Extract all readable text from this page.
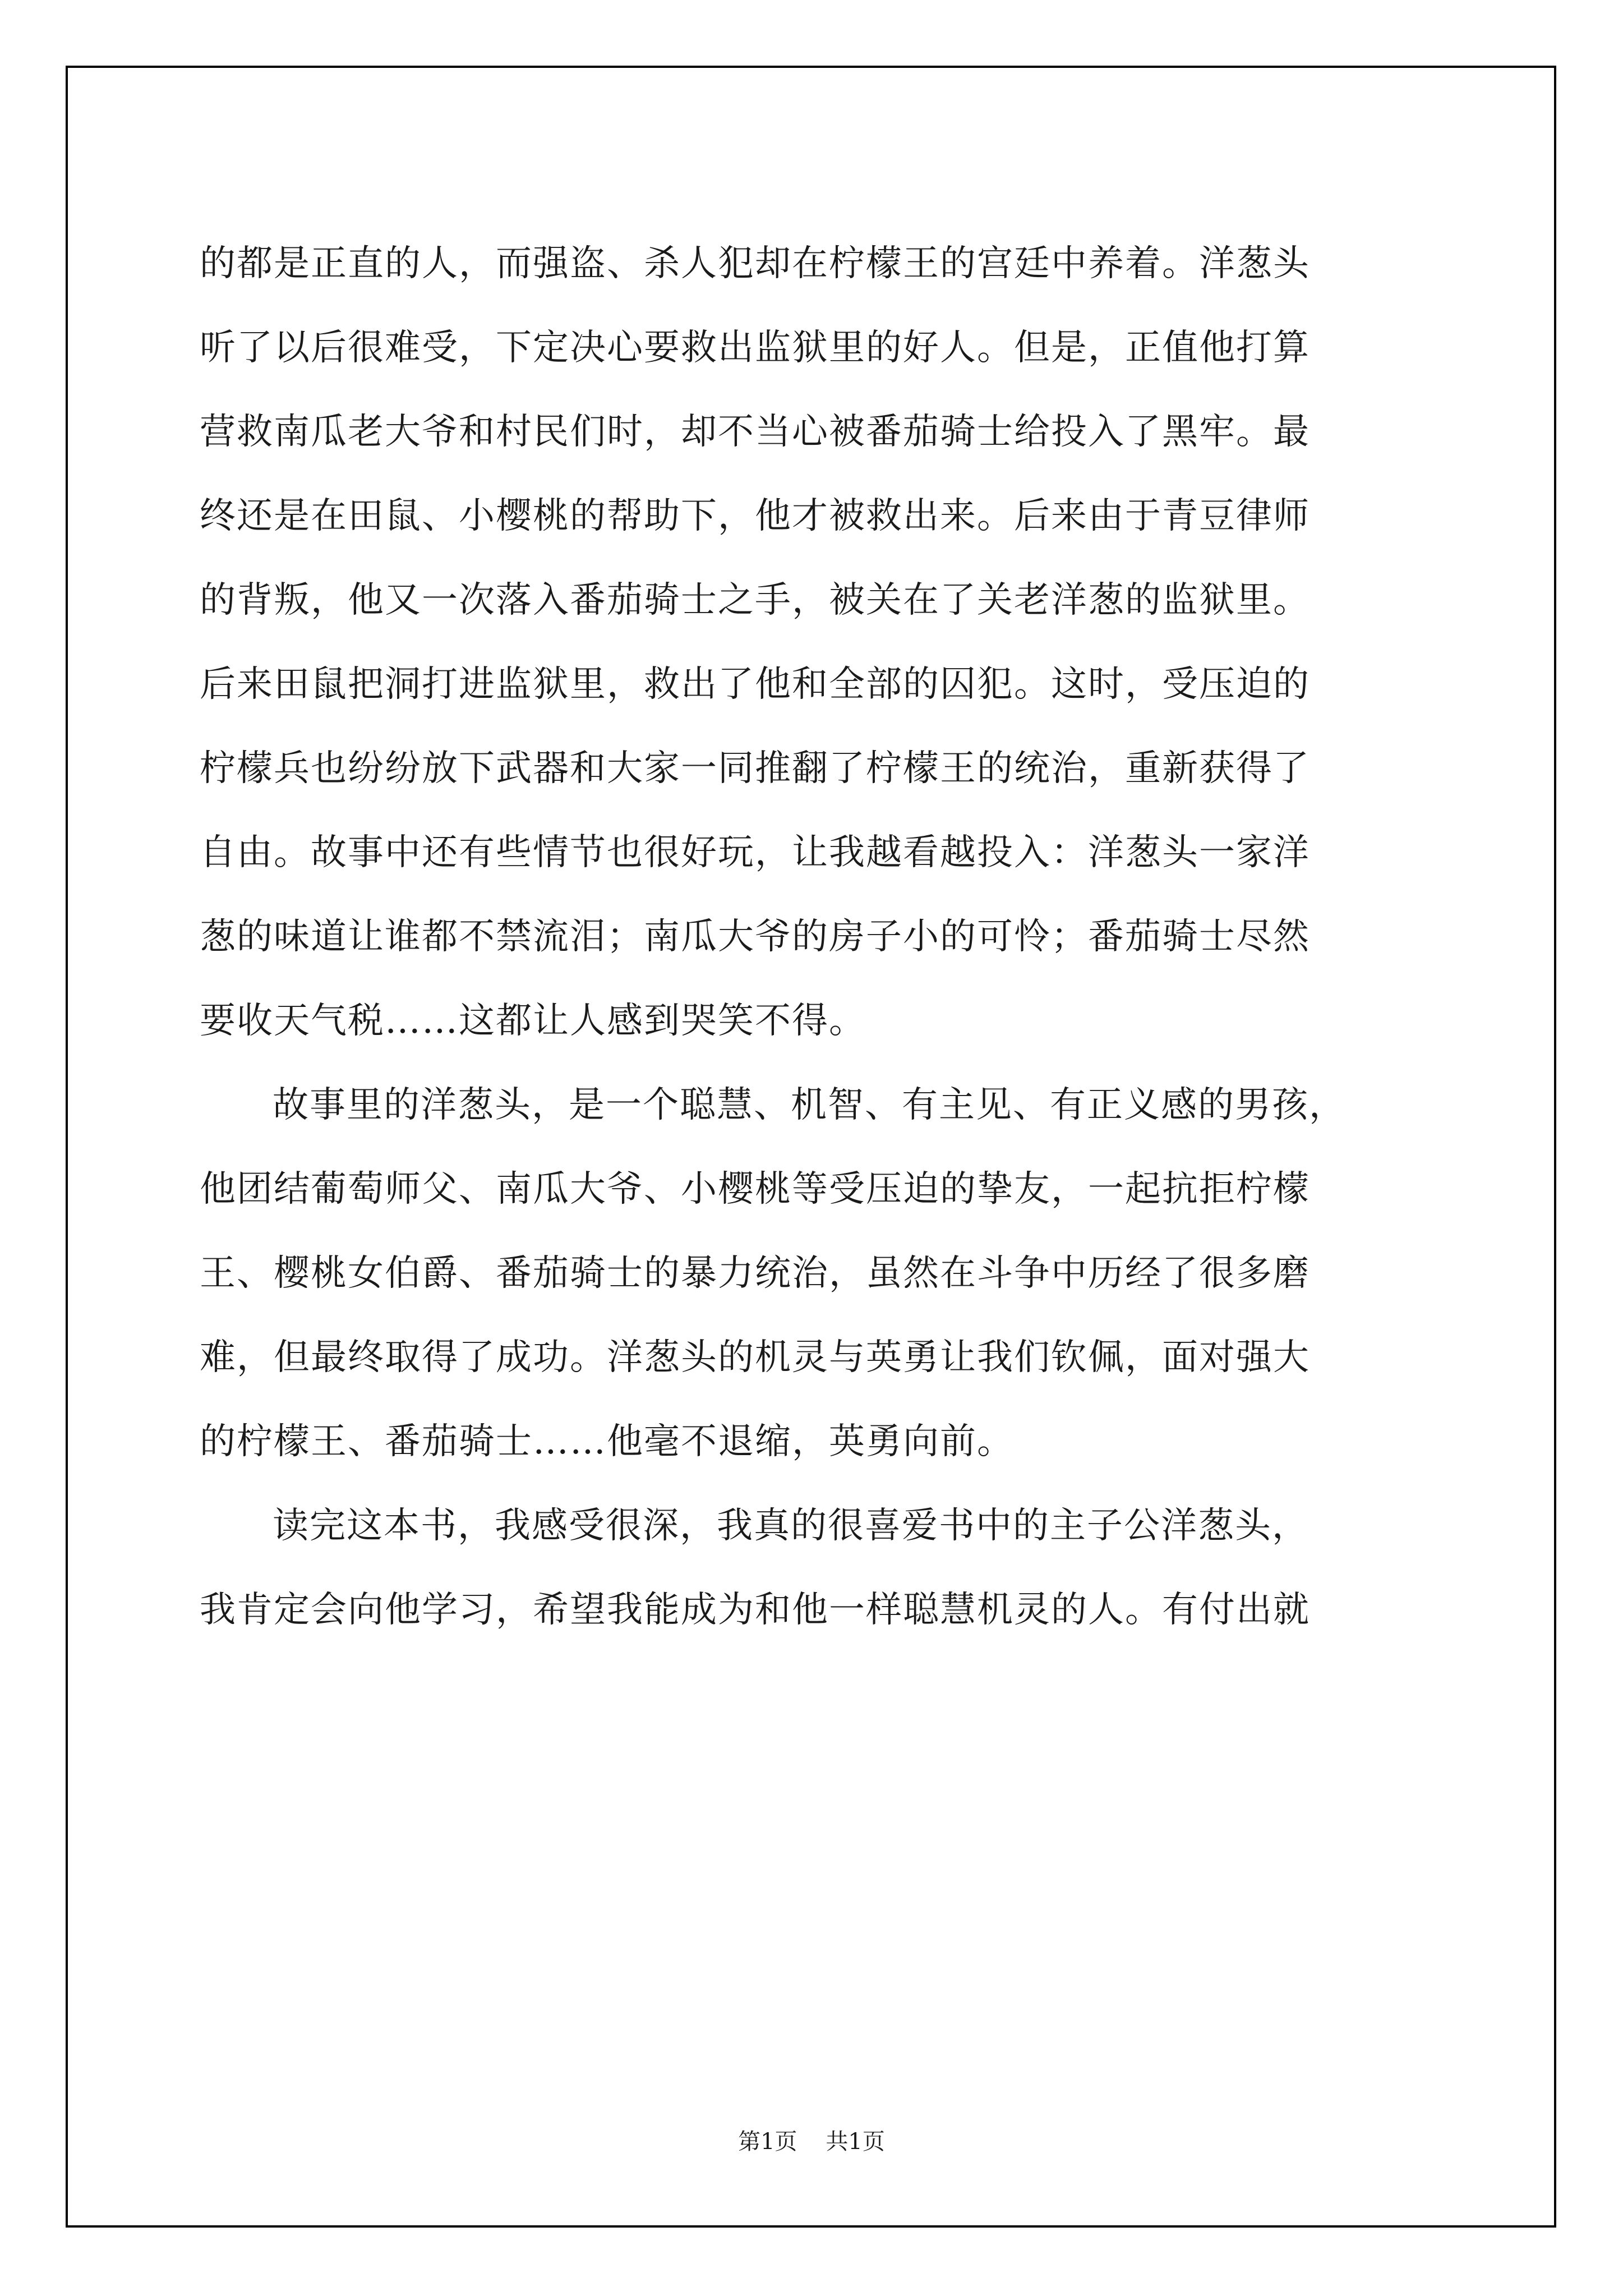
的都是正直的人，而强盗、杀人犯却在柠檬王的宫廷中养着。洋葱头
听了以后很难受，下定决心要救出监狱里的好人。但是，正值他打算
营救南瓜老大爷和村民们时，却不当心被番茄骑士给投入了黑牢。最
终还是在田鼠、小樱桃的帮助下，他才被救出来。后来由于青豆律师
的背叛，他又一次落入番茄骑士之手，被关在了关老洋葱的监狱里。
后来田鼠把洞打进监狱里，救出了他和全部的囚犯。这时，受压迫的
柠檬兵也纷纷放下武器和大家一同推翻了柠檬王的统治，重新获得了
自由。故事中还有些情节也很好玩，让我越看越投入：洋葱头一家洋
葱的味道让谁都不禁流泪；南瓜大爷的房子小的可怜；番茄骑士尽然
要收天气税……这都让人感到哭笑不得。
故事里的洋葱头，是一个聪慧、机智、有主见、有正义感的男孩，
他团结葡萄师父、南瓜大爷、小樱桃等受压迫的挚友，一起抗拒柠檬
王、樱桃女伯爵、番茄骑士的暴力统治，虽然在斗争中历经了很多磨
难，但最终取得了成功。洋葱头的机灵与英勇让我们钦佩，面对强大
的柠檬王、番茄骑士……他毫不退缩，英勇向前。
读完这本书，我感受很深，我真的很喜爱书中的主子公洋葱头，
我肯定会向他学习，希望我能成为和他一样聪慧机灵的人。有付出就
第1页 共1页
